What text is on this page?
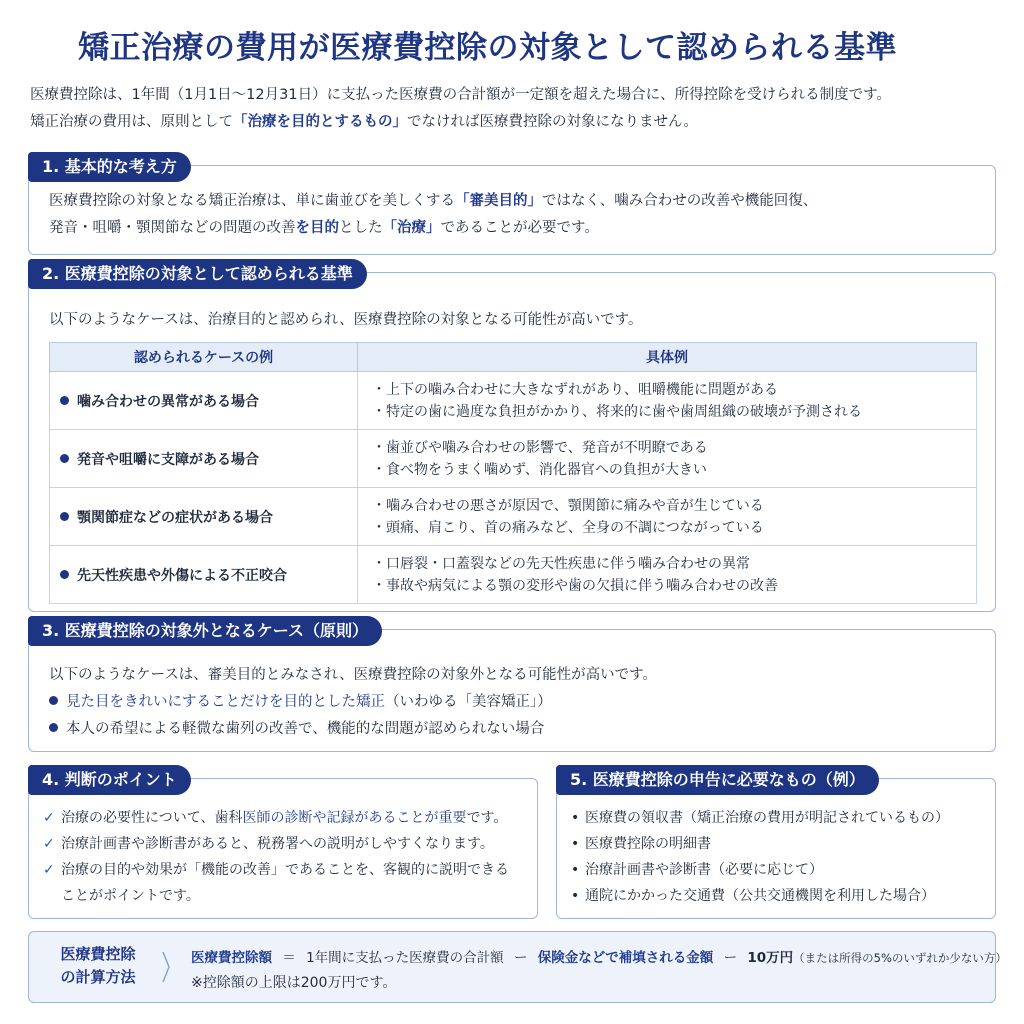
矯正治療の費用が医療費控除の対象として認められる基準
医療費控除は、1年間（1月1日〜12月31日）に支払った医療費の合計額が一定額を超えた場合に、所得控除を受けられる制度です。
矯正治療の費用は、原則として「治療を目的とするもの」でなければ医療費控除の対象になりません。
1. 基本的な考え方
医療費控除の対象となる矯正治療は、単に歯並びを美しくする「審美目的」ではなく、噛み合わせの改善や機能回復、
発音・咀嚼・顎関節などの問題の改善を目的とした「治療」であることが必要です。
2. 医療費控除の対象として認められる基準
以下のようなケースは、治療目的と認められ、医療費控除の対象となる可能性が高いです。
認められるケースの例	具体例
噛み合わせの異常がある場合	・上下の噛み合わせに大きなずれがあり、咀嚼機能に問題がある
・特定の歯に過度な負担がかかり、将来的に歯や歯周組織の破壊が予測される

発音や咀嚼に支障がある場合	・歯並びや噛み合わせの影響で、発音が不明瞭である
・食べ物をうまく噛めず、消化器官への負担が大きい

顎関節症などの症状がある場合	・噛み合わせの悪さが原因で、顎関節に痛みや音が生じている
・頭痛、肩こり、首の痛みなど、全身の不調につながっている

先天性疾患や外傷による不正咬合	・口唇裂・口蓋裂などの先天性疾患に伴う噛み合わせの異常
・事故や病気による顎の変形や歯の欠損に伴う噛み合わせの改善
3. 医療費控除の対象外となるケース（原則）
以下のようなケースは、審美目的とみなされ、医療費控除の対象外となる可能性が高いです。
見た目をきれいにすることだけを目的とした矯正（いわゆる「美容矯正」）
本人の希望による軽微な歯列の改善で、機能的な問題が認められない場合
4. 判断のポイント
✓ 治療の必要性について、歯科医師の診断や記録があることが重要です。
✓ 治療計画書や診断書があると、税務署への説明がしやすくなります。
✓ 治療の目的や効果が「機能の改善」であることを、客観的に説明できる
ことがポイントです。
5. 医療費控除の申告に必要なもの（例）
• 医療費の領収書（矯正治療の費用が明記されているもの）
• 医療費控除の明細書
• 治療計画書や診断書（必要に応じて）
• 通院にかかった交通費（公共交通機関を利用した場合）
医療費控除
の計算方法
医療費控除額 ＝ 1年間に支払った医療費の合計額 ー 保険金などで補填される金額 ー 10万円（または所得の5%のいずれか少ない方）
※控除額の上限は200万円です。
